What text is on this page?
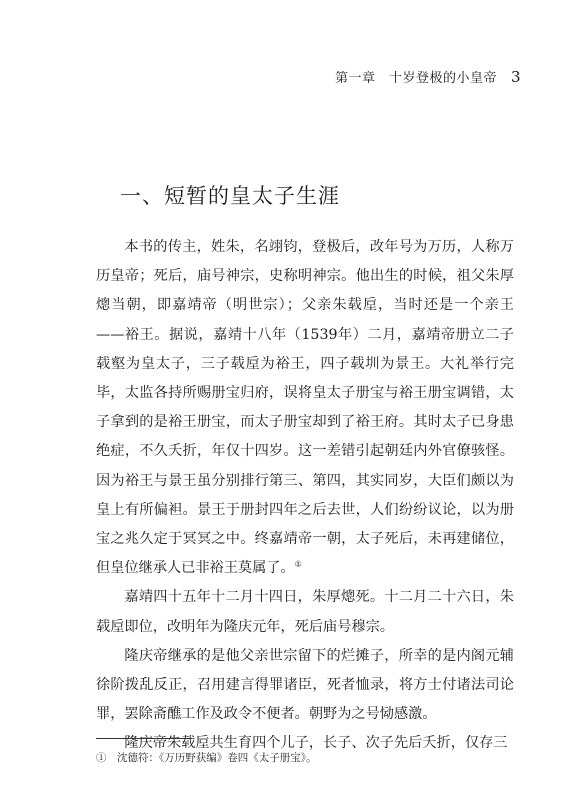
第一章　十岁登极的小皇帝 3
一、短暂的皇太子生涯

本书的传主，姓朱，名翊钧，登极后，改年号为万历，人称万历皇帝；死后，庙号神宗，史称明神宗。他出生的时候，祖父朱厚熜当朝，即嘉靖帝（明世宗）；父亲朱载垕，当时还是一个亲王——裕王。据说，嘉靖十八年（1539年）二月，嘉靖帝册立二子载壑为皇太子，三子载垕为裕王，四子载圳为景王。大礼举行完毕，太监各持所赐册宝归府，误将皇太子册宝与裕王册宝调错，太子拿到的是裕王册宝，而太子册宝却到了裕王府。其时太子已身患绝症，不久夭折，年仅十四岁。这一差错引起朝廷内外官僚骇怪。因为裕王与景王虽分别排行第三、第四，其实同岁，大臣们颇以为皇上有所偏袒。景王于册封四年之后去世，人们纷纷议论，以为册宝之兆久定于冥冥之中。终嘉靖帝一朝，太子死后，未再建储位，但皇位继承人已非裕王莫属了。①

嘉靖四十五年十二月十四日，朱厚熜死。十二月二十六日，朱载垕即位，改明年为隆庆元年，死后庙号穆宗。

隆庆帝继承的是他父亲世宗留下的烂摊子，所幸的是内阁元辅徐阶拨乱反正，召用建言得罪诸臣，死者恤录，将方士付诸法司论罪，罢除斋醮工作及政令不便者。朝野为之号恸感激。

隆庆帝朱载垕共生育四个儿子，长子、次子先后夭折，仅存三

①　沈德符：《万历野获编》卷四《太子册宝》。
